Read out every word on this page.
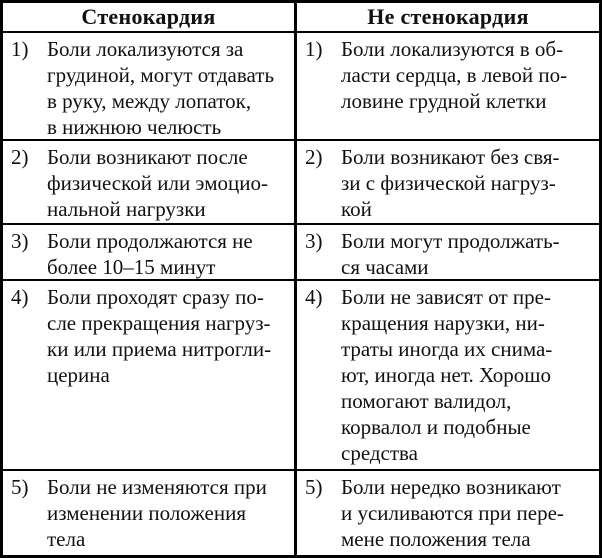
Стенокардия	Не стенокардия
1) Боли локализуются за
грудиной, могут отдавать
в руку, между лопаток,
в нижнюю челюсть
1) Боли локализуются в об-
ласти сердца, в левой по-
ловине грудной клетки
2) Боли возникают после
физической или эмоцио-
нальной нагрузки
2) Боли возникают без свя-
зи с физической нагруз-
кой
3) Боли продолжаются не
более 10–15 минут
3) Боли могут продолжать-
ся часами
4) Боли проходят сразу по-
сле прекращения нагруз-
ки или приема нитрогли-
церина
4) Боли не зависят от пре-
кращения нарузки, ни-
траты иногда их снима-
ют, иногда нет. Хорошо
помогают валидол,
корвалол и подобные
средства
5) Боли не изменяются при
изменении положения
тела
5) Боли нередко возникают
и усиливаются при пере-
мене положения тела
